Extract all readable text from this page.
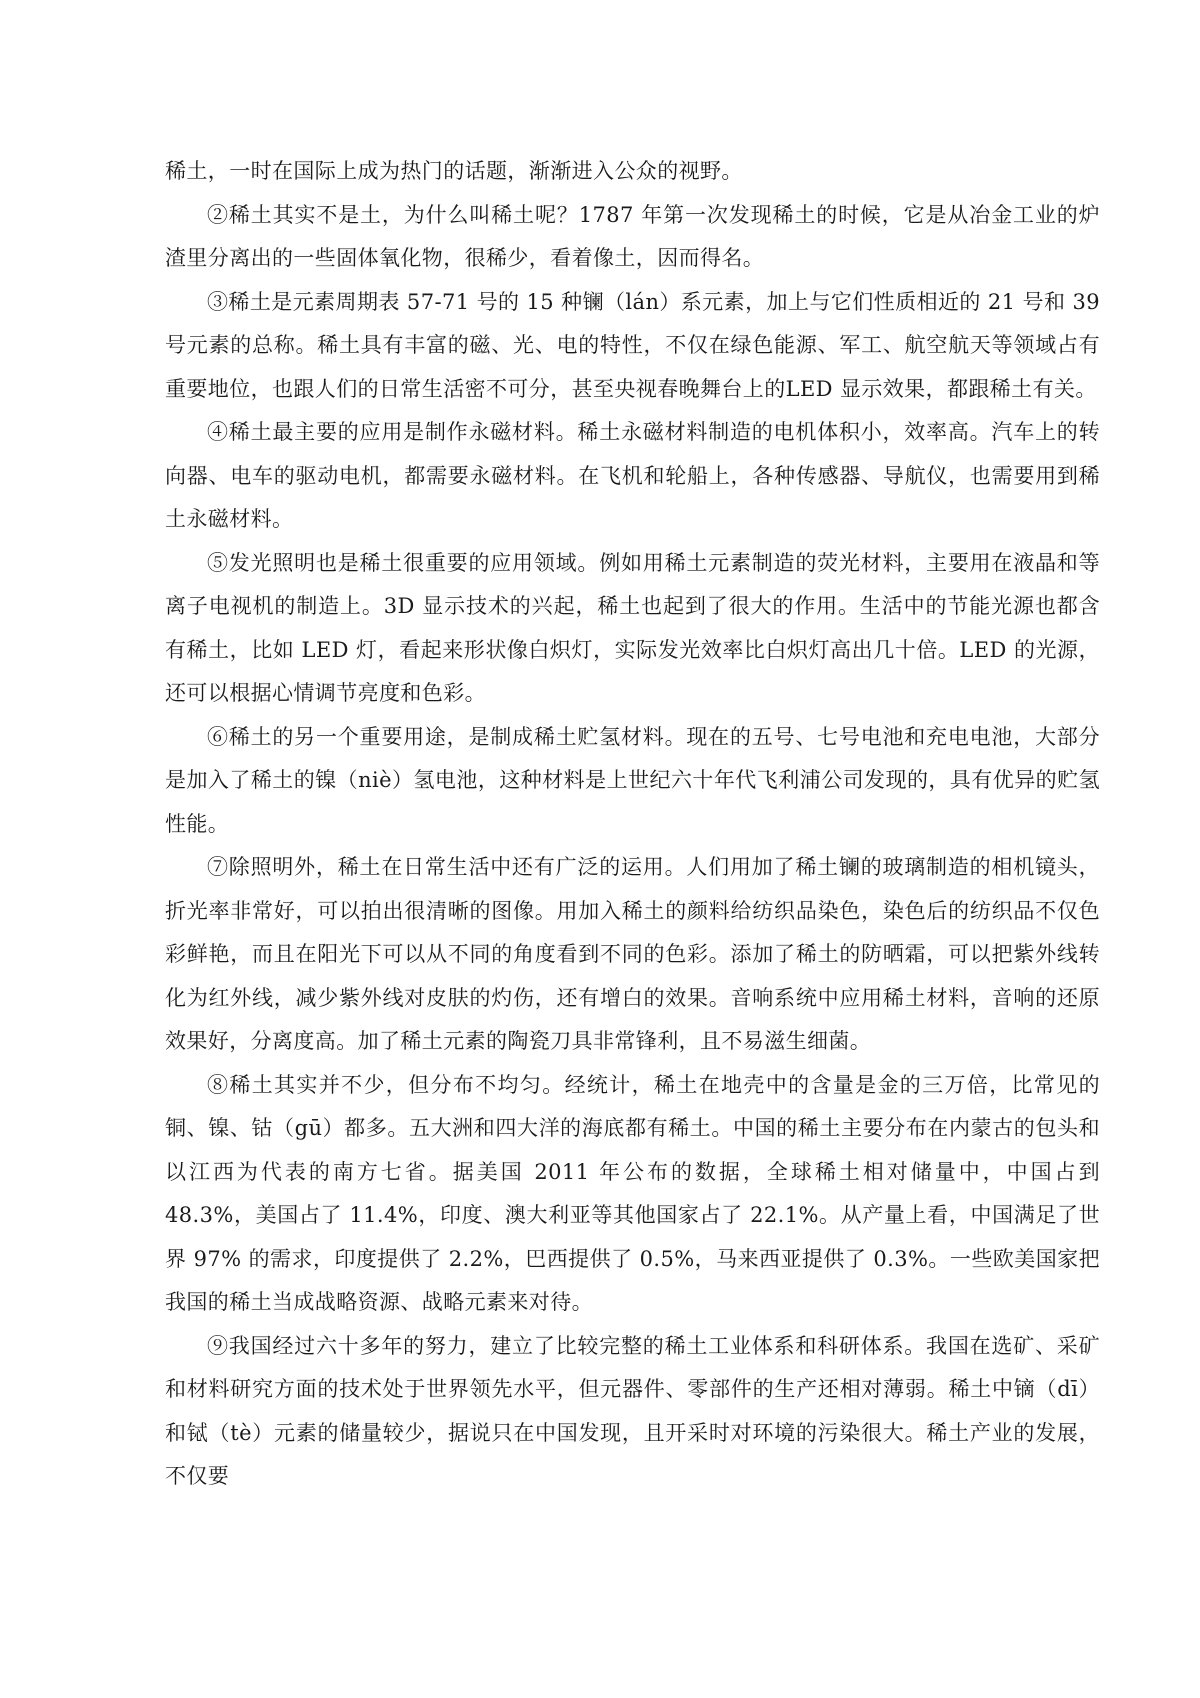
稀土，一时在国际上成为热门的话题，渐渐进入公众的视野。

②稀土其实不是土，为什么叫稀土呢？1787 年第一次发现稀土的时候，它是从冶金工业的炉渣里分离出的一些固体氧化物，很稀少，看着像土，因而得名。

③稀土是元素周期表 57-71 号的 15 种镧（lán）系元素，加上与它们性质相近的 21 号和 39 号元素的总称。稀土具有丰富的磁、光、电的特性，不仅在绿色能源、军工、航空航天等领域占有重要地位，也跟人们的日常生活密不可分，甚至央视春晚舞台上的LED 显示效果，都跟稀土有关。

④稀土最主要的应用是制作永磁材料。稀土永磁材料制造的电机体积小，效率高。汽车上的转向器、电车的驱动电机，都需要永磁材料。在飞机和轮船上，各种传感器、导航仪，也需要用到稀土永磁材料。

⑤发光照明也是稀土很重要的应用领域。例如用稀土元素制造的荧光材料，主要用在液晶和等离子电视机的制造上。3D 显示技术的兴起，稀土也起到了很大的作用。生活中的节能光源也都含有稀土，比如 LED 灯，看起来形状像白炽灯，实际发光效率比白炽灯高出几十倍。LED 的光源，还可以根据心情调节亮度和色彩。

⑥稀土的另一个重要用途，是制成稀土贮氢材料。现在的五号、七号电池和充电电池，大部分是加入了稀土的镍（niè）氢电池，这种材料是上世纪六十年代飞利浦公司发现的，具有优异的贮氢性能。

⑦除照明外，稀土在日常生活中还有广泛的运用。人们用加了稀土镧的玻璃制造的相机镜头，折光率非常好，可以拍出很清晰的图像。用加入稀土的颜料给纺织品染色，染色后的纺织品不仅色彩鲜艳，而且在阳光下可以从不同的角度看到不同的色彩。添加了稀土的防晒霜，可以把紫外线转化为红外线，减少紫外线对皮肤的灼伤，还有增白的效果。音响系统中应用稀土材料，音响的还原效果好，分离度高。加了稀土元素的陶瓷刀具非常锋利，且不易滋生细菌。

⑧稀土其实并不少，但分布不均匀。经统计，稀土在地壳中的含量是金的三万倍，比常见的铜、镍、钴（gū）都多。五大洲和四大洋的海底都有稀土。中国的稀土主要分布在内蒙古的包头和以江西为代表的南方七省。据美国 2011 年公布的数据，全球稀土相对储量中，中国占到 48.3%，美国占了 11.4%，印度、澳大利亚等其他国家占了 22.1%。从产量上看，中国满足了世界 97% 的需求，印度提供了 2.2%，巴西提供了 0.5%，马来西亚提供了 0.3%。一些欧美国家把我国的稀土当成战略资源、战略元素来对待。

⑨我国经过六十多年的努力，建立了比较完整的稀土工业体系和科研体系。我国在选矿、采矿和材料研究方面的技术处于世界领先水平，但元器件、零部件的生产还相对薄弱。稀土中镝（dī）和铽（tè）元素的储量较少，据说只在中国发现，且开采时对环境的污染很大。稀土产业的发展，不仅要
